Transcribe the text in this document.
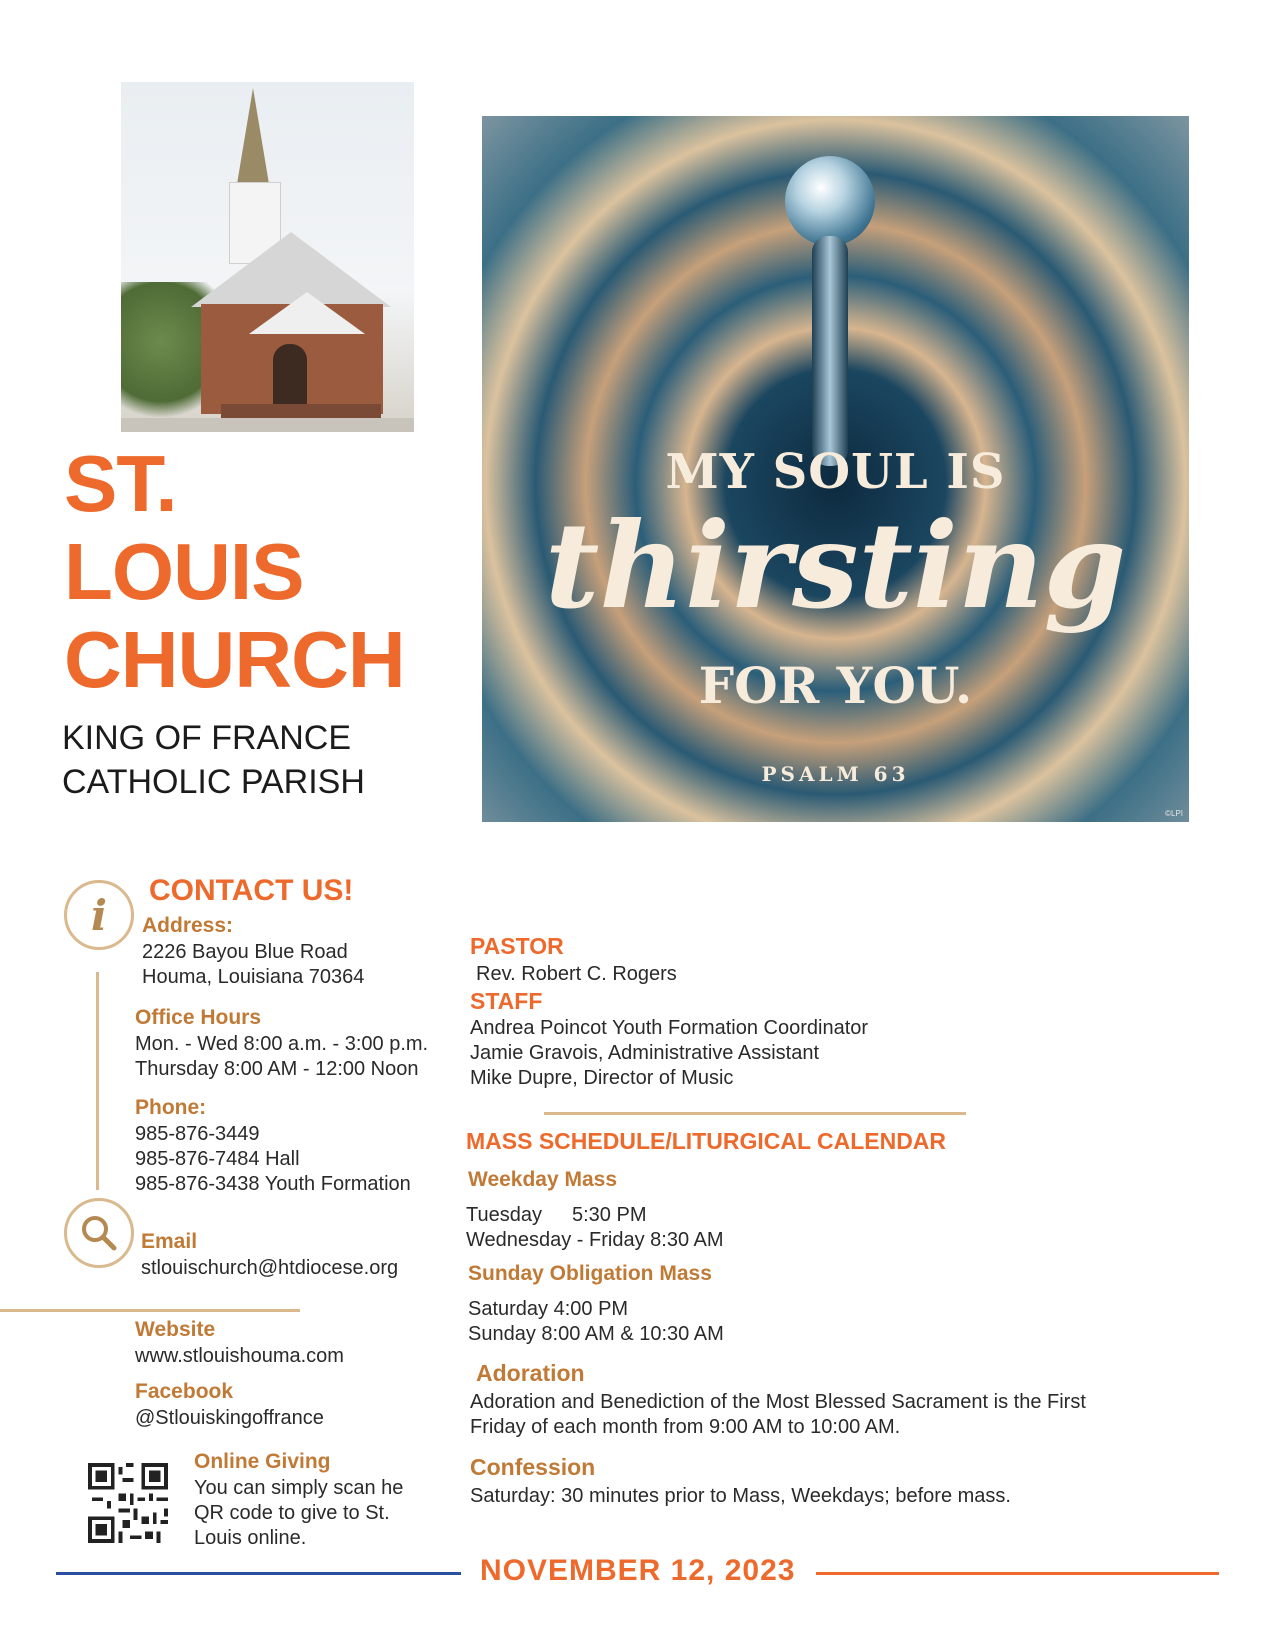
MY SOUL IS
thirsting
FOR YOU.
PSALM 63
©LPI
ST.
LOUIS
CHURCH
KING OF FRANCE
CATHOLIC PARISH
i	CONTACT US!
Address:
2226 Bayou Blue Road
Houma, Louisiana 70364
Office Hours
Mon. - Wed 8:00 a.m. - 3:00 p.m.
Thursday 8:00 AM - 12:00 Noon
Phone:
985-876-3449
985-876-7484 Hall
985-876-3438 Youth Formation
Email
stlouischurch@htdiocese.org
Website
www.stlouishouma.com
Facebook
@Stlouiskingoffrance
Online Giving
You can simply scan he
QR code to give to St.
Louis online.
PASTOR
Rev. Robert C. Rogers
STAFF
Andrea Poincot Youth Formation Coordinator
Jamie Gravois, Administrative Assistant
Mike Dupre, Director of Music
MASS SCHEDULE/LITURGICAL CALENDAR
Weekday Mass
Tuesday 5:30 PM
Wednesday - Friday 8:30 AM
Sunday Obligation Mass
Saturday 4:00 PM
Sunday 8:00 AM & 10:30 AM
Adoration
Adoration and Benediction of the Most Blessed Sacrament is the First
Friday of each month from 9:00 AM to 10:00 AM.
Confession
Saturday: 30 minutes prior to Mass, Weekdays; before mass.
NOVEMBER 12, 2023
